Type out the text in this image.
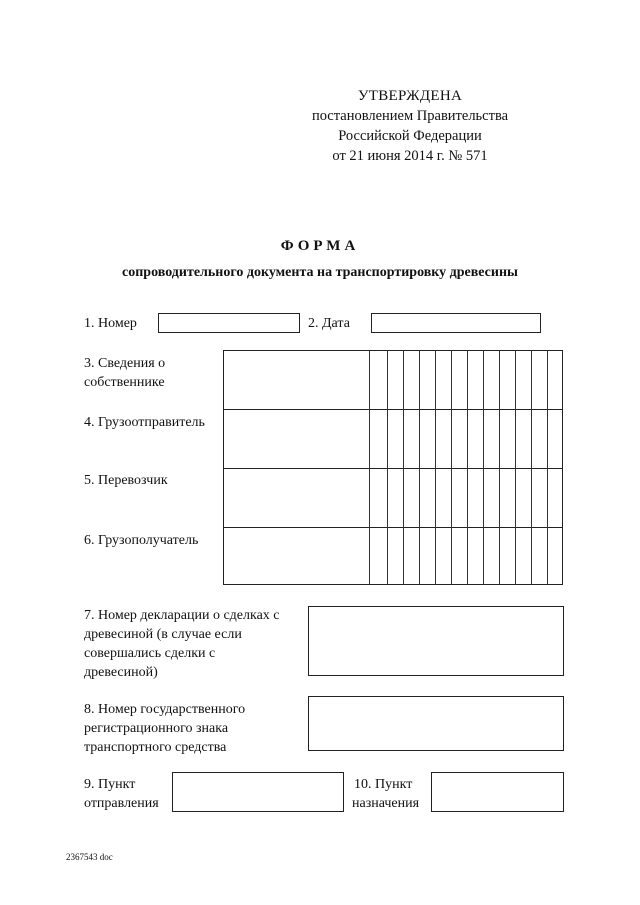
УТВЕРЖДЕНА
постановлением Правительства
Российской Федерации
от 21 июня 2014 г. № 571
ФОРМА
сопроводительного документа на транспортировку древесины
1. Номер	2. Дата
3. Сведения о
собственнике
4. Грузоотправитель
5. Перевозчик
6. Грузополучатель
7. Номер декларации о сделках с
древесиной (в случае если
совершались сделки с
древесиной)
8. Номер государственного
регистрационного знака
транспортного средства
9. Пункт
отправления
10. Пункт
назначения
2367543 doc
